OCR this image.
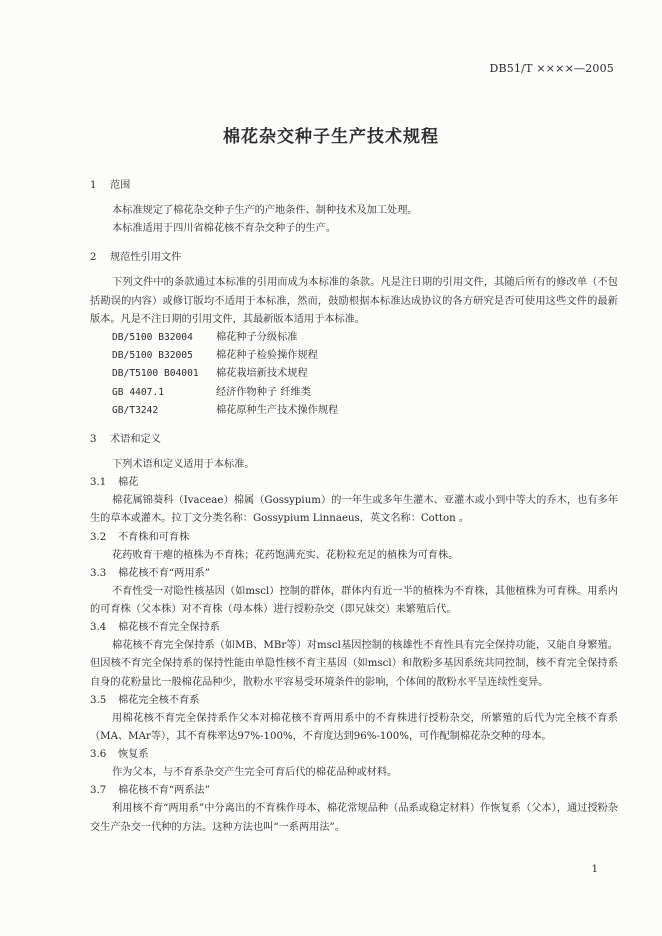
DB51/T ××××—2005
棉花杂交种子生产技术规程
1 范围

本标准规定了棉花杂交种子生产的产地条件、制种技术及加工处理。

本标准适用于四川省棉花核不育杂交种子的生产。

2 规范性引用文件

下列文件中的条款通过本标准的引用而成为本标准的条款。凡是注日期的引用文件，其随后所有的修改单（不包括勘误的内容）或修订版均不适用于本标准，然而，鼓励根据本标准达成协议的各方研究是否可使用这些文件的最新版本。凡是不注日期的引用文件，其最新版本适用于本标准。

DB/5100 B32004 棉花种子分级标准
DB/5100 B32005 棉花种子检验操作规程
DB/T5100 B04001 棉花栽培新技术规程
GB 4407.1	经济作物种子 纤维类
GB/T3242	棉花原种生产技术操作规程
3 术语和定义

下列术语和定义适用于本标准。

3.1 棉花

棉花属锦葵科（Ivaceae）棉属（Gossypium）的一年生或多年生灌木、亚灌木或小到中等大的乔木，也有多年生的草本或灌木。拉丁文分类名称：Gossypium Linnaeus，英文名称：Cotton 。

3.2 不育株和可育株

花药败育干瘪的植株为不育株；花药饱满充实、花粉粒充足的植株为可育株。

3.3 棉花核不育“两用系”

不育性受一对隐性核基因（如mscl）控制的群体，群体内有近一半的植株为不育株，其他植株为可育株。用系内的可育株（父本株）对不育株（母本株）进行授粉杂交（即兄妹交）来繁殖后代。

3.4 棉花核不育完全保持系

棉花核不育完全保持系（如MB、MBr等）对mscl基因控制的核雄性不育性具有完全保持功能，又能自身繁殖。但因核不育完全保持系的保持性能由单隐性核不育主基因（如mscl）和散粉多基因系统共同控制，核不育完全保持系自身的花粉量比一般棉花品种少，散粉水平容易受环境条件的影响，个体间的散粉水平呈连续性变异。

3.5 棉花完全核不育系

用棉花核不育完全保持系作父本对棉花核不育两用系中的不育株进行授粉杂交，所繁殖的后代为完全核不育系（MA、MAr等），其不育株率达97%-100%，不育度达到96%-100%，可作配制棉花杂交种的母本。

3.6 恢复系

作为父本，与不育系杂交产生完全可育后代的棉花品种或材料。

3.7 棉花核不育“两系法”

利用核不育“两用系”中分离出的不育株作母本、棉花常规品种（品系或稳定材料）作恢复系（父本），通过授粉杂交生产杂交一代种的方法。这种方法也叫“一系两用法”。

1
